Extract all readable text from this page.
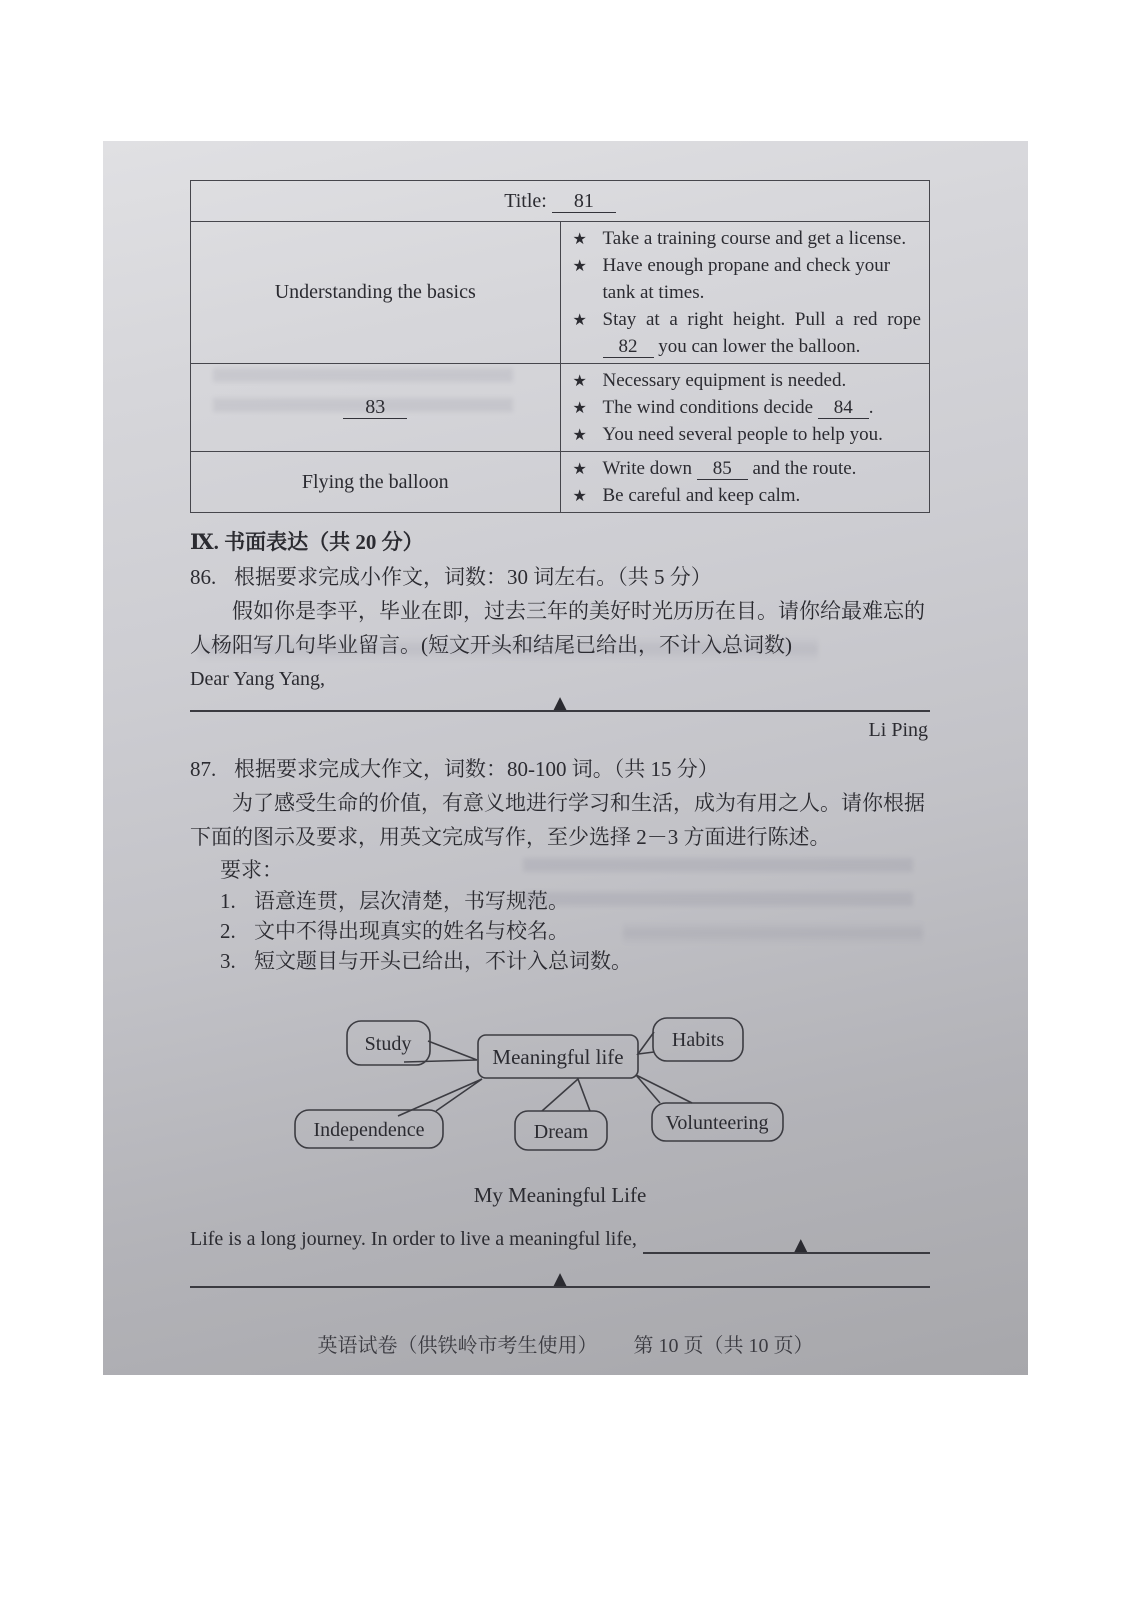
Title: 81	
Understanding the basics	
★ Take a training course and get a license.
★ Have enough propane and check your tank at times.
★ Stay at a right height. Pull a red rope 82 you can lower the balloon.

83	
★ Necessary equipment is needed.
★ The wind conditions decide 84 .
★ You need several people to help you.

Flying the balloon	★ Write down 85 and the route.
★ Be careful and keep calm.
Ⅸ. 书面表达（共 20 分）
86. 根据要求完成小作文，词数：30 词左右。（共 5 分）

假如你是李平，毕业在即，过去三年的美好时光历历在目。请你给最难忘的人杨阳写几句毕业留言。(短文开头和结尾已给出，不计入总词数)

Dear Yang Yang,
▲
Li Ping
87. 根据要求完成大作文，词数：80-100 词。（共 15 分）

为了感受生命的价值，有意义地进行学习和生活，成为有用之人。请你根据下面的图示及要求，用英文完成写作，至少选择 2－3 方面进行陈述。

要求：
1. 语意连贯，层次清楚，书写规范。
2. 文中不得出现真实的姓名与校名。
3. 短文题目与开头已给出，不计入总词数。
Study	Habits
Meaningful life
Independence	Dream	Volunteering
My Meaningful Life
Life is a long journey. In order to live a meaningful life,	▲
▲
英语试卷（供铁岭市考生使用） 第 10 页（共 10 页）
